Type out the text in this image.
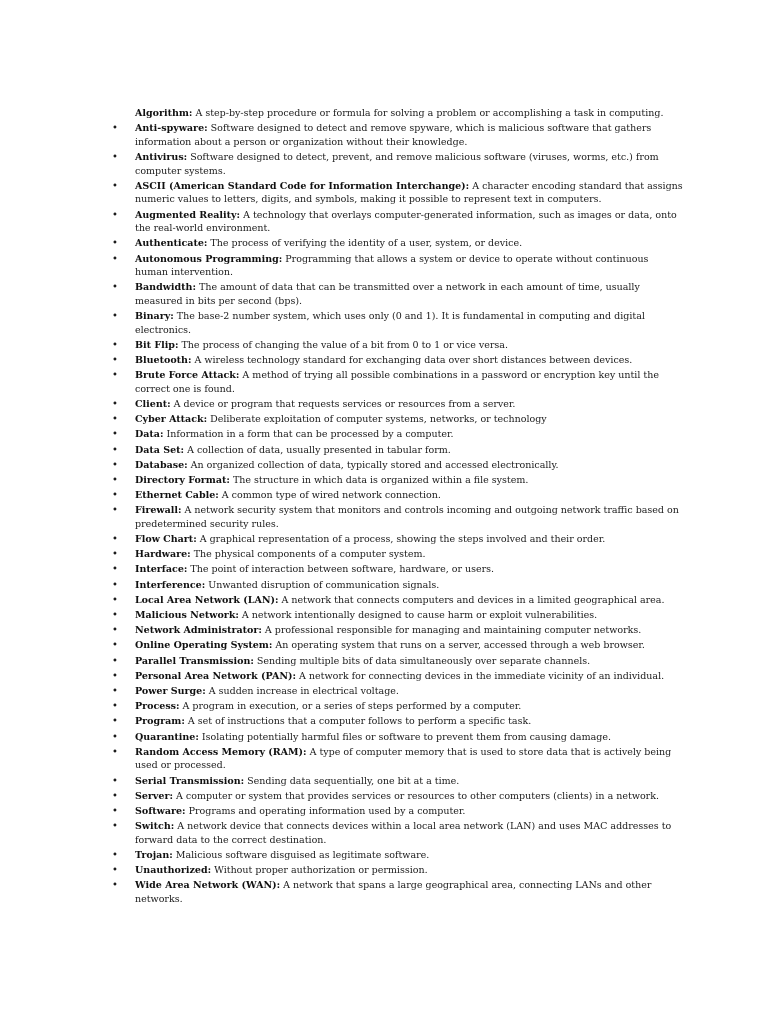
Algorithm: A step-by-step procedure or formula for solving a problem or accomplishing a task in computing.
• Anti-spyware: Software designed to detect and remove spyware, which is malicious software that gathers information about a person or organization without their knowledge.
• Antivirus: Software designed to detect, prevent, and remove malicious software (viruses, worms, etc.) from computer systems.
• ASCII (American Standard Code for Information Interchange): A character encoding standard that assigns numeric values to letters, digits, and symbols, making it possible to represent text in computers.
• Augmented Reality: A technology that overlays computer-generated information, such as images or data, onto the real-world environment.
• Authenticate: The process of verifying the identity of a user, system, or device.
• Autonomous Programming: Programming that allows a system or device to operate without continuous human intervention.
• Bandwidth: The amount of data that can be transmitted over a network in each amount of time, usually measured in bits per second (bps).
• Binary: The base-2 number system, which uses only (0 and 1). It is fundamental in computing and digital electronics.
• Bit Flip: The process of changing the value of a bit from 0 to 1 or vice versa.
• Bluetooth: A wireless technology standard for exchanging data over short distances between devices.
• Brute Force Attack: A method of trying all possible combinations in a password or encryption key until the correct one is found.
• Client: A device or program that requests services or resources from a server.
• Cyber Attack: Deliberate exploitation of computer systems, networks, or technology
• Data: Information in a form that can be processed by a computer.
• Data Set: A collection of data, usually presented in tabular form.
• Database: An organized collection of data, typically stored and accessed electronically.
• Directory Format: The structure in which data is organized within a file system.
• Ethernet Cable: A common type of wired network connection.
• Firewall: A network security system that monitors and controls incoming and outgoing network traffic based on predetermined security rules.
• Flow Chart: A graphical representation of a process, showing the steps involved and their order.
• Hardware: The physical components of a computer system.
• Interface: The point of interaction between software, hardware, or users.
• Interference: Unwanted disruption of communication signals.
• Local Area Network (LAN): A network that connects computers and devices in a limited geographical area.
• Malicious Network: A network intentionally designed to cause harm or exploit vulnerabilities.
• Network Administrator: A professional responsible for managing and maintaining computer networks.
• Online Operating System: An operating system that runs on a server, accessed through a web browser.
• Parallel Transmission: Sending multiple bits of data simultaneously over separate channels.
• Personal Area Network (PAN): A network for connecting devices in the immediate vicinity of an individual.
• Power Surge: A sudden increase in electrical voltage.
• Process: A program in execution, or a series of steps performed by a computer.
• Program: A set of instructions that a computer follows to perform a specific task.
• Quarantine: Isolating potentially harmful files or software to prevent them from causing damage.
• Random Access Memory (RAM): A type of computer memory that is used to store data that is actively being used or processed.
• Serial Transmission: Sending data sequentially, one bit at a time.
• Server: A computer or system that provides services or resources to other computers (clients) in a network.
• Software: Programs and operating information used by a computer.
• Switch: A network device that connects devices within a local area network (LAN) and uses MAC addresses to forward data to the correct destination.
• Trojan: Malicious software disguised as legitimate software.
• Unauthorized: Without proper authorization or permission.
• Wide Area Network (WAN): A network that spans a large geographical area, connecting LANs and other networks.
